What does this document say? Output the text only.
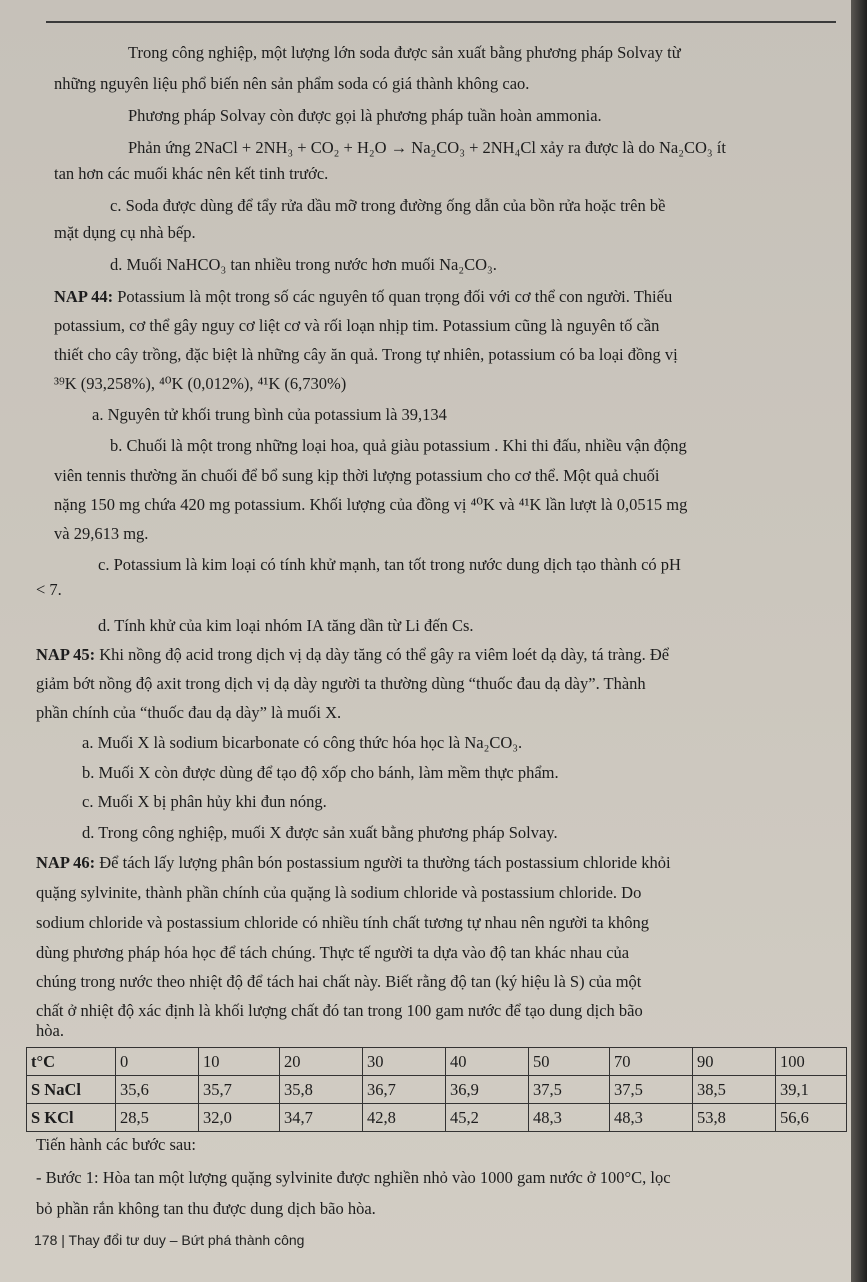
Trong công nghiệp, một lượng lớn soda được sản xuất bằng phương pháp Solvay từ
những nguyên liệu phổ biến nên sản phẩm soda có giá thành không cao.
Phương pháp Solvay còn được gọi là phương pháp tuần hoàn ammonia.
Phản ứng 2NaCl + 2NH₃ + CO₂ + H₂O → Na₂CO₃ + 2NH₄Cl xảy ra được là do Na₂CO₃ ít
tan hơn các muối khác nên kết tinh trước.
c. Soda được dùng để tẩy rửa dầu mỡ trong đường ống dẫn của bồn rửa hoặc trên bề
mặt dụng cụ nhà bếp.
d. Muối NaHCO₃ tan nhiều trong nước hơn muối Na₂CO₃.
NAP 44: Potassium là một trong số các nguyên tố quan trọng đối với cơ thể con người. Thiếu
potassium, cơ thể gây nguy cơ liệt cơ và rối loạn nhịp tim. Potassium cũng là nguyên tố cần
thiết cho cây trồng, đặc biệt là những cây ăn quả. Trong tự nhiên, potassium có ba loại đồng vị
³⁹K (93,258%), ⁴⁰K (0,012%), ⁴¹K (6,730%)
a. Nguyên tử khối trung bình của potassium là 39,134
b. Chuối là một trong những loại hoa, quả giàu potassium . Khi thi đấu, nhiều vận động
viên tennis thường ăn chuối để bổ sung kịp thời lượng potassium cho cơ thể. Một quả chuối
nặng 150 mg chứa 420 mg potassium. Khối lượng của đồng vị ⁴⁰K và ⁴¹K lần lượt là 0,0515 mg
và 29,613 mg.
c. Potassium là kim loại có tính khử mạnh, tan tốt trong nước dung dịch tạo thành có pH
< 7.
d. Tính khử của kim loại nhóm IA tăng dần từ Li đến Cs.
NAP 45: Khi nồng độ acid trong dịch vị dạ dày tăng có thể gây ra viêm loét dạ dày, tá tràng. Để
giảm bớt nồng độ axit trong dịch vị dạ dày người ta thường dùng “thuốc đau dạ dày”. Thành
phần chính của “thuốc đau dạ dày” là muối X.
a. Muối X là sodium bicarbonate có công thức hóa học là Na₂CO₃.
b. Muối X còn được dùng để tạo độ xốp cho bánh, làm mềm thực phẩm.
c. Muối X bị phân hủy khi đun nóng.
d. Trong công nghiệp, muối X được sản xuất bằng phương pháp Solvay.
NAP 46: Để tách lấy lượng phân bón postassium người ta thường tách postassium chloride khỏi
quặng sylvinite, thành phần chính của quặng là sodium chloride và postassium chloride. Do
sodium chloride và postassium chloride có nhiều tính chất tương tự nhau nên người ta không
dùng phương pháp hóa học để tách chúng. Thực tế người ta dựa vào độ tan khác nhau của
chúng trong nước theo nhiệt độ để tách hai chất này. Biết rằng độ tan (ký hiệu là S) của một
chất ở nhiệt độ xác định là khối lượng chất đó tan trong 100 gam nước để tạo dung dịch bão
hòa.
t°C	0	10	20	30	40	50	70	90	100
S NaCl	35,6	35,7	35,8	36,7	36,9	37,5	37,5	38,5	39,1
S KCl	28,5	32,0	34,7	42,8	45,2	48,3	48,3	53,8	56,6
Tiến hành các bước sau:
- Bước 1: Hòa tan một lượng quặng sylvinite được nghiền nhỏ vào 1000 gam nước ở 100°C, lọc
bỏ phần rắn không tan thu được dung dịch bão hòa.
178 | Thay đổi tư duy – Bứt phá thành công
